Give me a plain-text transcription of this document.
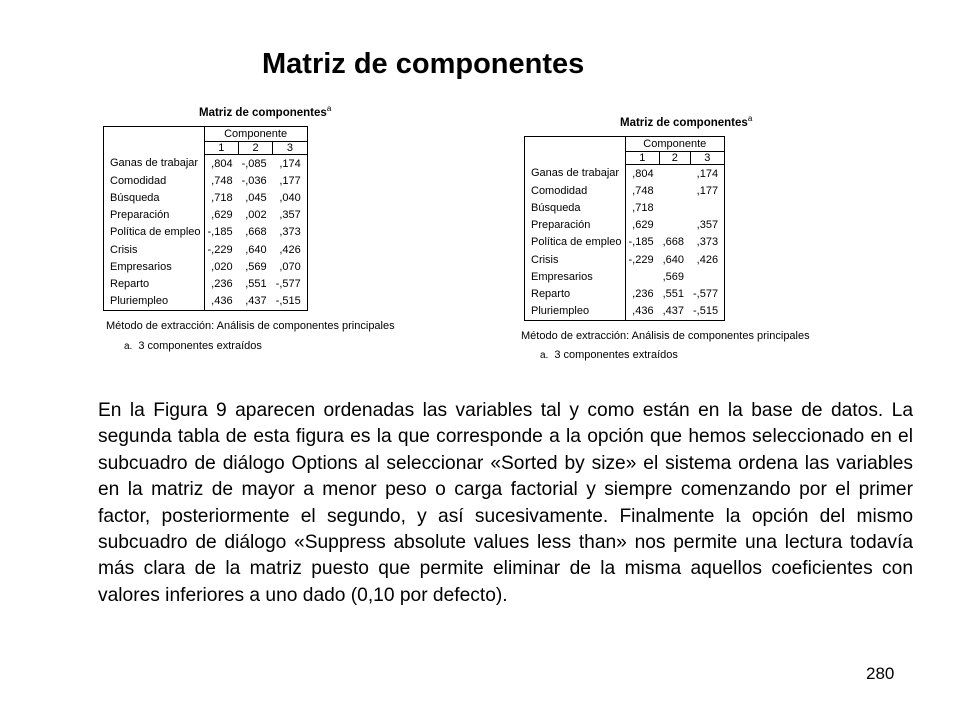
Matriz de componentes
Matriz de componentes$^a$
	Componente		
	1	2	3
Ganas de trabajar	,804	-,085	,174
Comodidad	,748	-,036	,177
Búsqueda	,718	,045	,040
Preparación	,629	,002	,357
Política de empleo	-,185	,668	,373
Crisis	-,229	,640	,426
Empresarios	,020	,569	,070
Reparto	,236	,551	-,577
Pluriempleo	,436	,437	-,515
Método de extracción: Análisis de componentes principales
a. 3 componentes extraídos
Matriz de componentes$^a$
	Componente		
	1	2	3
Ganas de trabajar	,804		,174
Comodidad	,748		,177
Búsqueda	,718		
Preparación	,629		,357
Política de empleo	-,185	,668	,373
Crisis	-,229	,640	,426
Empresarios		,569	
Reparto	,236	,551	-,577
Pluriempleo	,436	,437	-,515
Método de extracción: Análisis de componentes principales
a. 3 componentes extraídos
En la Figura 9 aparecen ordenadas las variables tal y como están en la base de datos. La segunda tabla de esta figura es la que corresponde a la opción que hemos seleccionado en el subcuadro de diálogo Options al seleccionar «Sorted by size» el sistema ordena las variables en la matriz de mayor a menor peso o carga factorial y siempre comenzando por el primer factor, posteriormente el segundo, y así sucesivamente. Finalmente la opción del mismo subcuadro de diálogo «Suppress absolute values less than» nos permite una lectura todavía más clara de la matriz puesto que permite eliminar de la misma aquellos coeficientes con valores inferiores a uno dado (0,10 por defecto).
280
